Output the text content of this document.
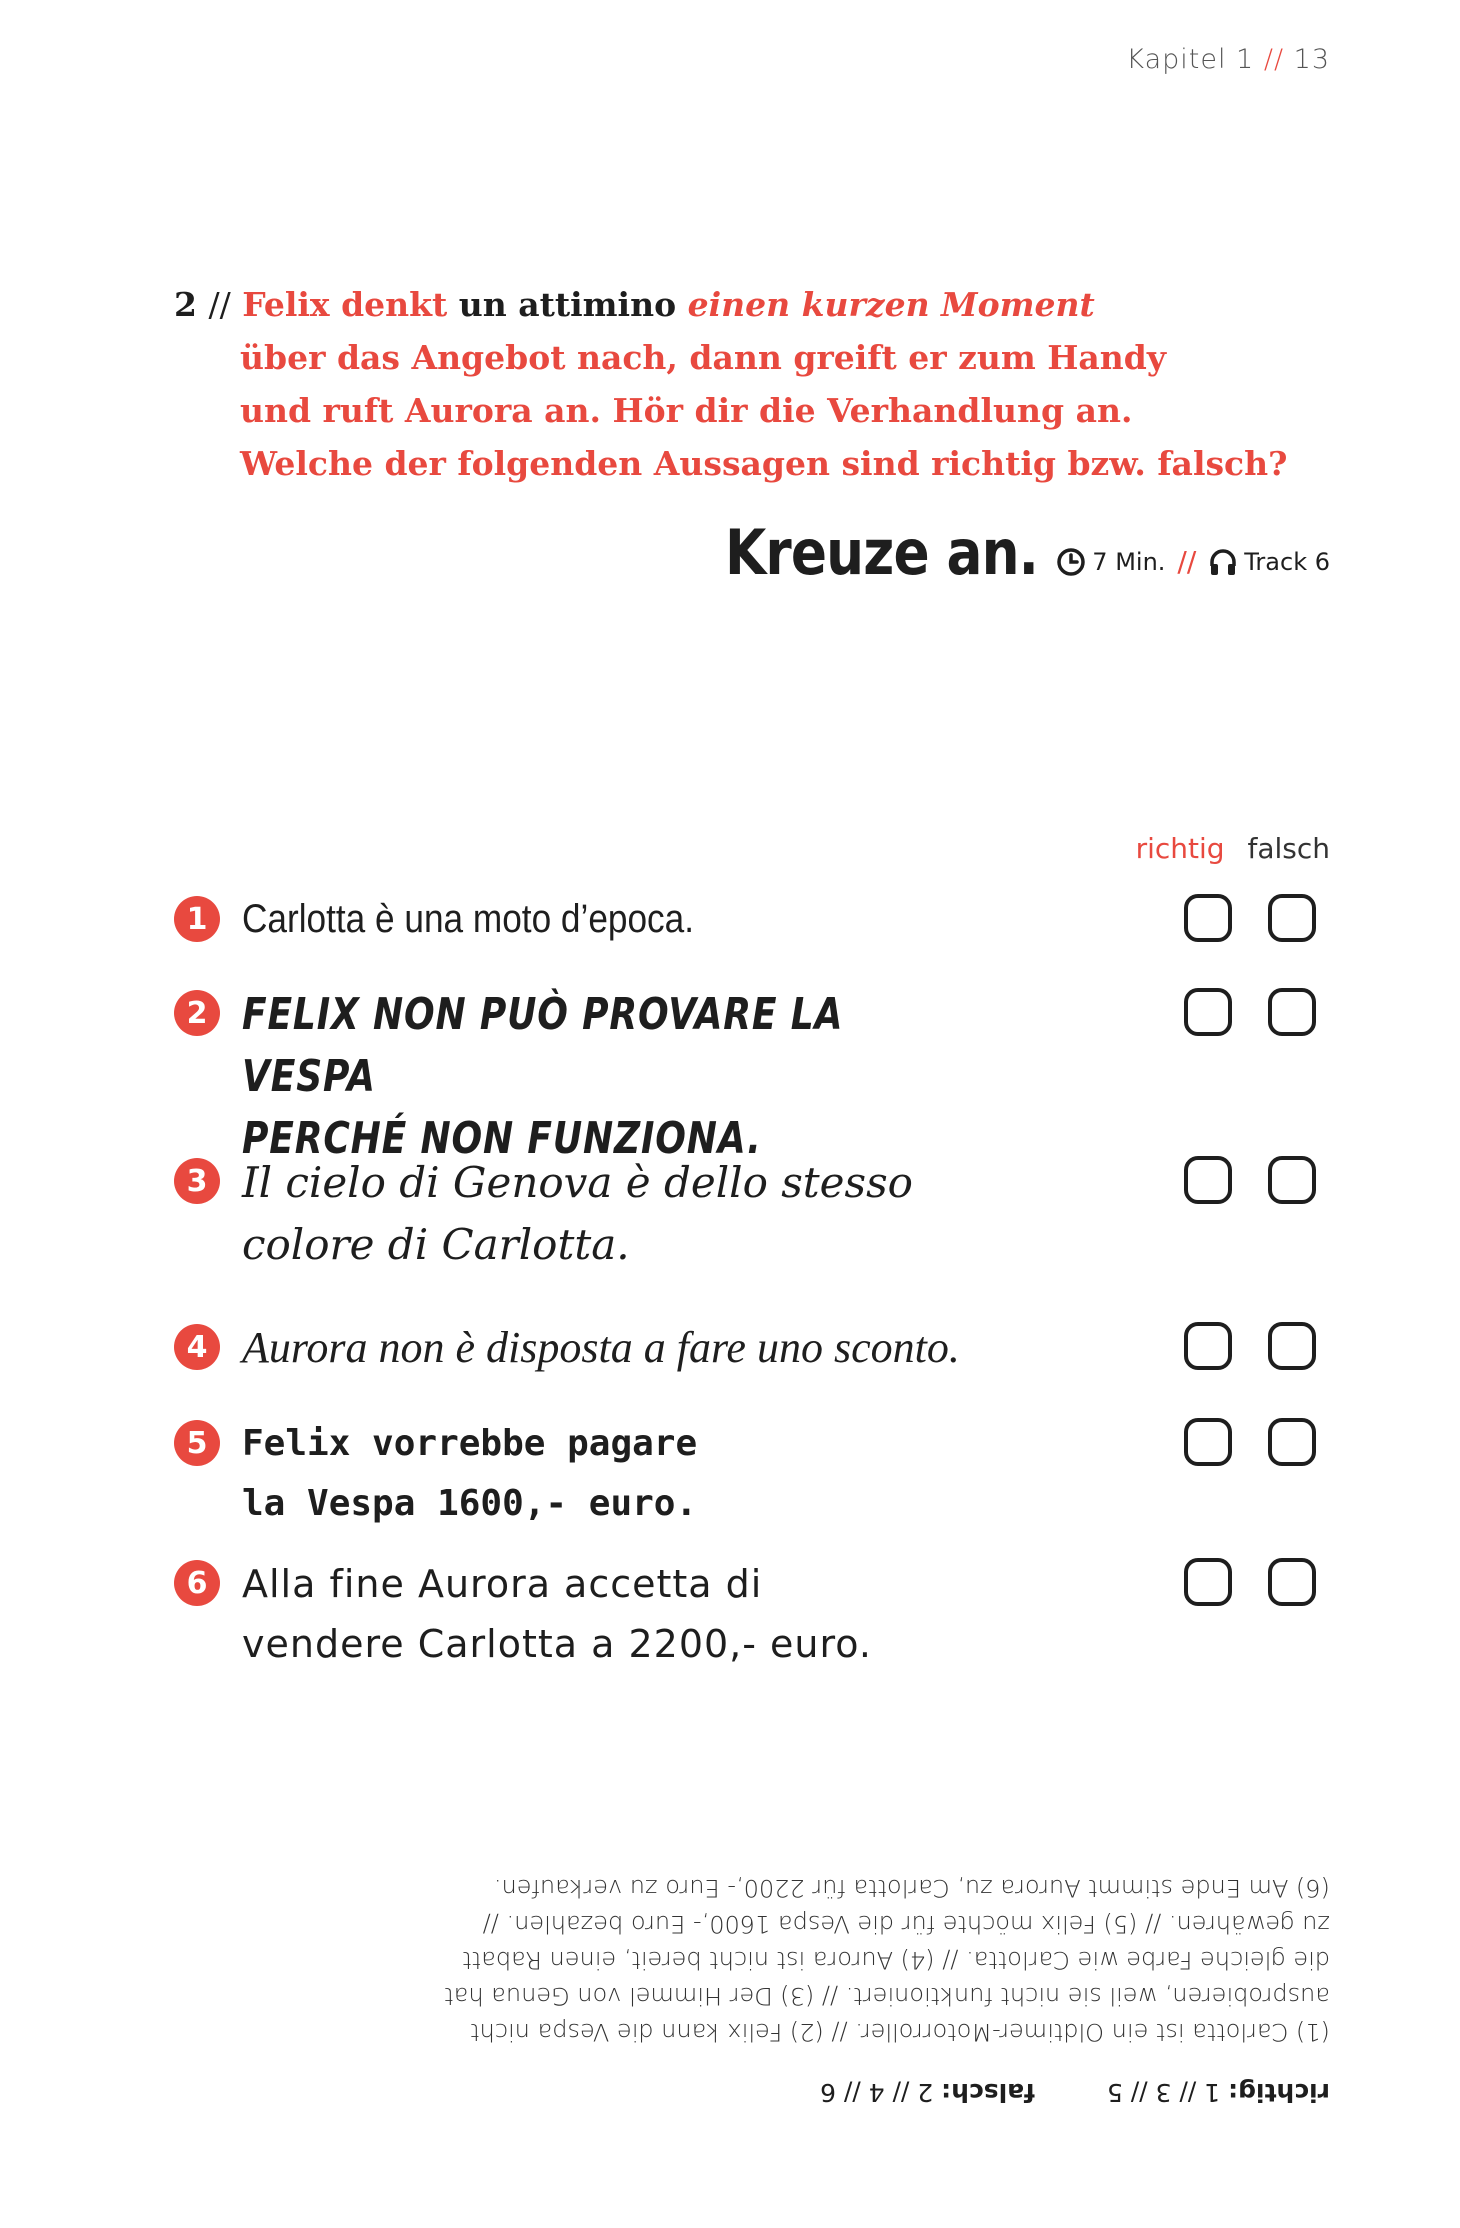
Kapitel 1 // 13
2 // Felix denkt un attimino einen kurzen Moment
über das Angebot nach, dann greift er zum Handy
und ruft Aurora an. Hör dir die Verhandlung an.
Welche der folgenden Aussagen sind richtig bzw. falsch?
Kreuze an. 7 Min. // Track 6
richtig falsch
1 Carlotta è una moto d’epoca.
2 FELIX NON PUÒ PROVARE LA VESPA
PERCHÉ NON FUNZIONA.
3 Il cielo di Genova è dello stesso
colore di Carlotta.
4 Aurora non è disposta a fare uno sconto.
5 Felix vorrebbe pagare
la Vespa 1600,- euro.
6 Alla fine Aurora accetta di
vendere Carlotta a 2200,- euro.
richtig: 1 // 3 // 5  falsch: 2 // 4 // 6
(1) Carlotta ist ein Oldtimer-Motorroller. // (2) Felix kann die Vespa nicht
ausprobieren, weil sie nicht funktioniert. // (3) Der Himmel von Genua hat
die gleiche Farbe wie Carlotta. // (4) Aurora ist nicht bereit, einen Rabatt
zu gewähren. // (5) Felix möchte für die Vespa 1600,- Euro bezahlen. //
(6) Am Ende stimmt Aurora zu, Carlotta für 2200,- Euro zu verkaufen.
